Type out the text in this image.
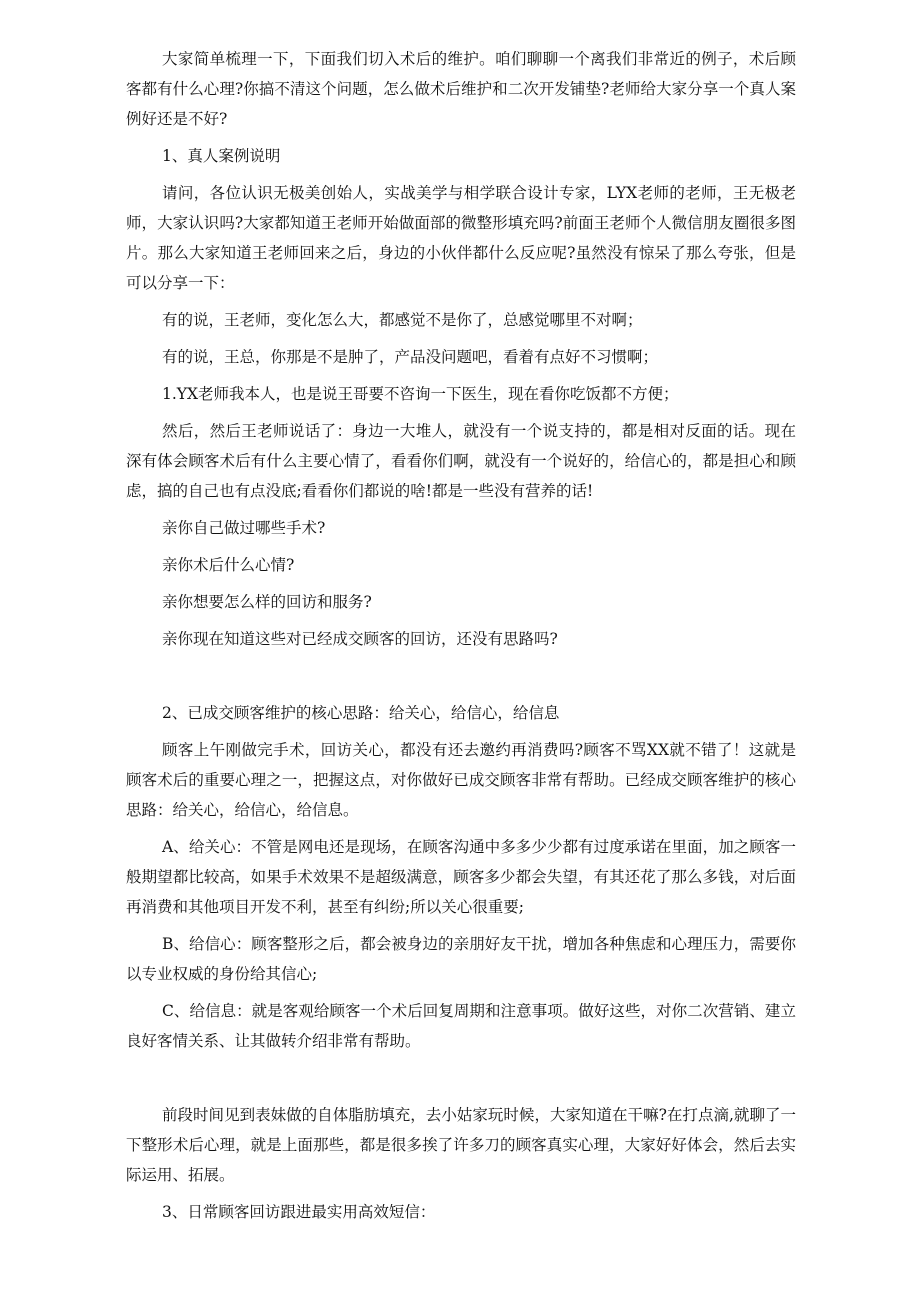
大家简单梳理一下，下面我们切入术后的维护。咱们聊聊一个离我们非常近的例子，术后顾客都有什么心理?你搞不清这个问题，怎么做术后维护和二次开发铺垫?老师给大家分享一个真人案例好还是不好?

1、真人案例说明

请问，各位认识无极美创始人，实战美学与相学联合设计专家，LYX老师的老师，王无极老师，大家认识吗?大家都知道王老师开始做面部的微整形填充吗?前面王老师个人微信朋友圈很多图片。那么大家知道王老师回来之后，身边的小伙伴都什么反应呢?虽然没有惊呆了那么夸张，但是可以分享一下：

有的说，王老师，变化怎么大，都感觉不是你了，总感觉哪里不对啊；

有的说，王总，你那是不是肿了，产品没问题吧，看着有点好不习惯啊；

1.YX老师我本人，也是说王哥要不咨询一下医生，现在看你吃饭都不方便；

然后，然后王老师说话了：身边一大堆人，就没有一个说支持的，都是相对反面的话。现在深有体会顾客术后有什么主要心情了，看看你们啊，就没有一个说好的，给信心的，都是担心和顾虑，搞的自己也有点没底;看看你们都说的啥!都是一些没有营养的话!

亲你自己做过哪些手术?

亲你术后什么心情?

亲你想要怎么样的回访和服务?

亲你现在知道这些对已经成交顾客的回访，还没有思路吗?

2、已成交顾客维护的核心思路：给关心，给信心，给信息

顾客上午刚做完手术，回访关心，都没有还去邀约再消费吗?顾客不骂XX就不错了！这就是顾客术后的重要心理之一，把握这点，对你做好已成交顾客非常有帮助。已经成交顾客维护的核心思路：给关心，给信心，给信息。

A、给关心：不管是网电还是现场，在顾客沟通中多多少少都有过度承诺在里面，加之顾客一般期望都比较高，如果手术效果不是超级满意，顾客多少都会失望，有其还花了那么多钱，对后面再消费和其他项目开发不利，甚至有纠纷;所以关心很重要;

B、给信心：顾客整形之后，都会被身边的亲朋好友干扰，增加各种焦虑和心理压力，需要你以专业权威的身份给其信心;

C、给信息：就是客观给顾客一个术后回复周期和注意事项。做好这些，对你二次营销、建立良好客情关系、让其做转介绍非常有帮助。

前段时间见到表妹做的自体脂肪填充，去小姑家玩时候，大家知道在干嘛?在打点滴,就聊了一下整形术后心理，就是上面那些，都是很多挨了许多刀的顾客真实心理，大家好好体会，然后去实际运用、拓展。

3、日常顾客回访跟进最实用高效短信：
